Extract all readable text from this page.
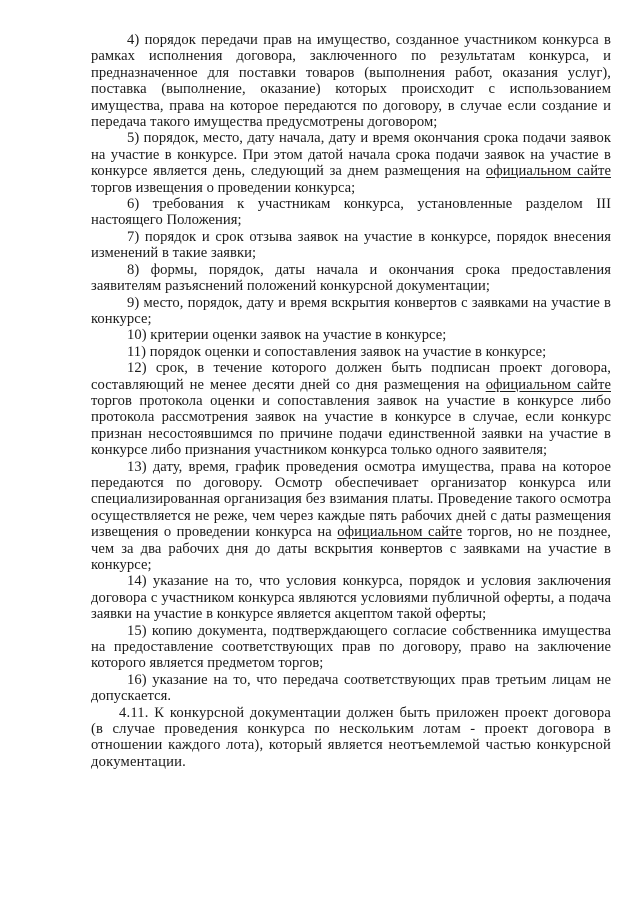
4) порядок передачи прав на имущество, созданное участником конкурса в рамках исполнения договора, заключенного по результатам конкурса, и предназначенное для поставки товаров (выполнения работ, оказания услуг), поставка (выполнение, оказание) которых происходит с использованием имущества, права на которое передаются по договору, в случае если создание и передача такого имущества предусмотрены договором;

5) порядок, место, дату начала, дату и время окончания срока подачи заявок на участие в конкурсе. При этом датой начала срока подачи заявок на участие в конкурсе является день, следующий за днем размещения на официальном сайте торгов извещения о проведении конкурса;

6) требования к участникам конкурса, установленные разделом III настоящего Положения;

7) порядок и срок отзыва заявок на участие в конкурсе, порядок внесения изменений в такие заявки;

8) формы, порядок, даты начала и окончания срока предоставления заявителям разъяснений положений конкурсной документации;

9) место, порядок, дату и время вскрытия конвертов с заявками на участие в конкурсе;

10) критерии оценки заявок на участие в конкурсе;

11) порядок оценки и сопоставления заявок на участие в конкурсе;

12) срок, в течение которого должен быть подписан проект договора, составляющий не менее десяти дней со дня размещения на официальном сайте торгов протокола оценки и сопоставления заявок на участие в конкурсе либо протокола рассмотрения заявок на участие в конкурсе в случае, если конкурс признан несостоявшимся по причине подачи единственной заявки на участие в конкурсе либо признания участником конкурса только одного заявителя;

13) дату, время, график проведения осмотра имущества, права на которое передаются по договору. Осмотр обеспечивает организатор конкурса или специализированная организация без взимания платы. Проведение такого осмотра осуществляется не реже, чем через каждые пять рабочих дней с даты размещения извещения о проведении конкурса на официальном сайте торгов, но не позднее, чем за два рабочих дня до даты вскрытия конвертов с заявками на участие в конкурсе;

14) указание на то, что условия конкурса, порядок и условия заключения договора с участником конкурса являются условиями публичной оферты, а подача заявки на участие в конкурсе является акцептом такой оферты;

15) копию документа, подтверждающего согласие собственника имущества на предоставление соответствующих прав по договору, право на заключение которого является предметом торгов;

16) указание на то, что передача соответствующих прав третьим лицам не допускается.

4.11. К конкурсной документации должен быть приложен проект договора (в случае проведения конкурса по нескольким лотам - проект договора в отношении каждого лота), который является неотъемлемой частью конкурсной документации.
